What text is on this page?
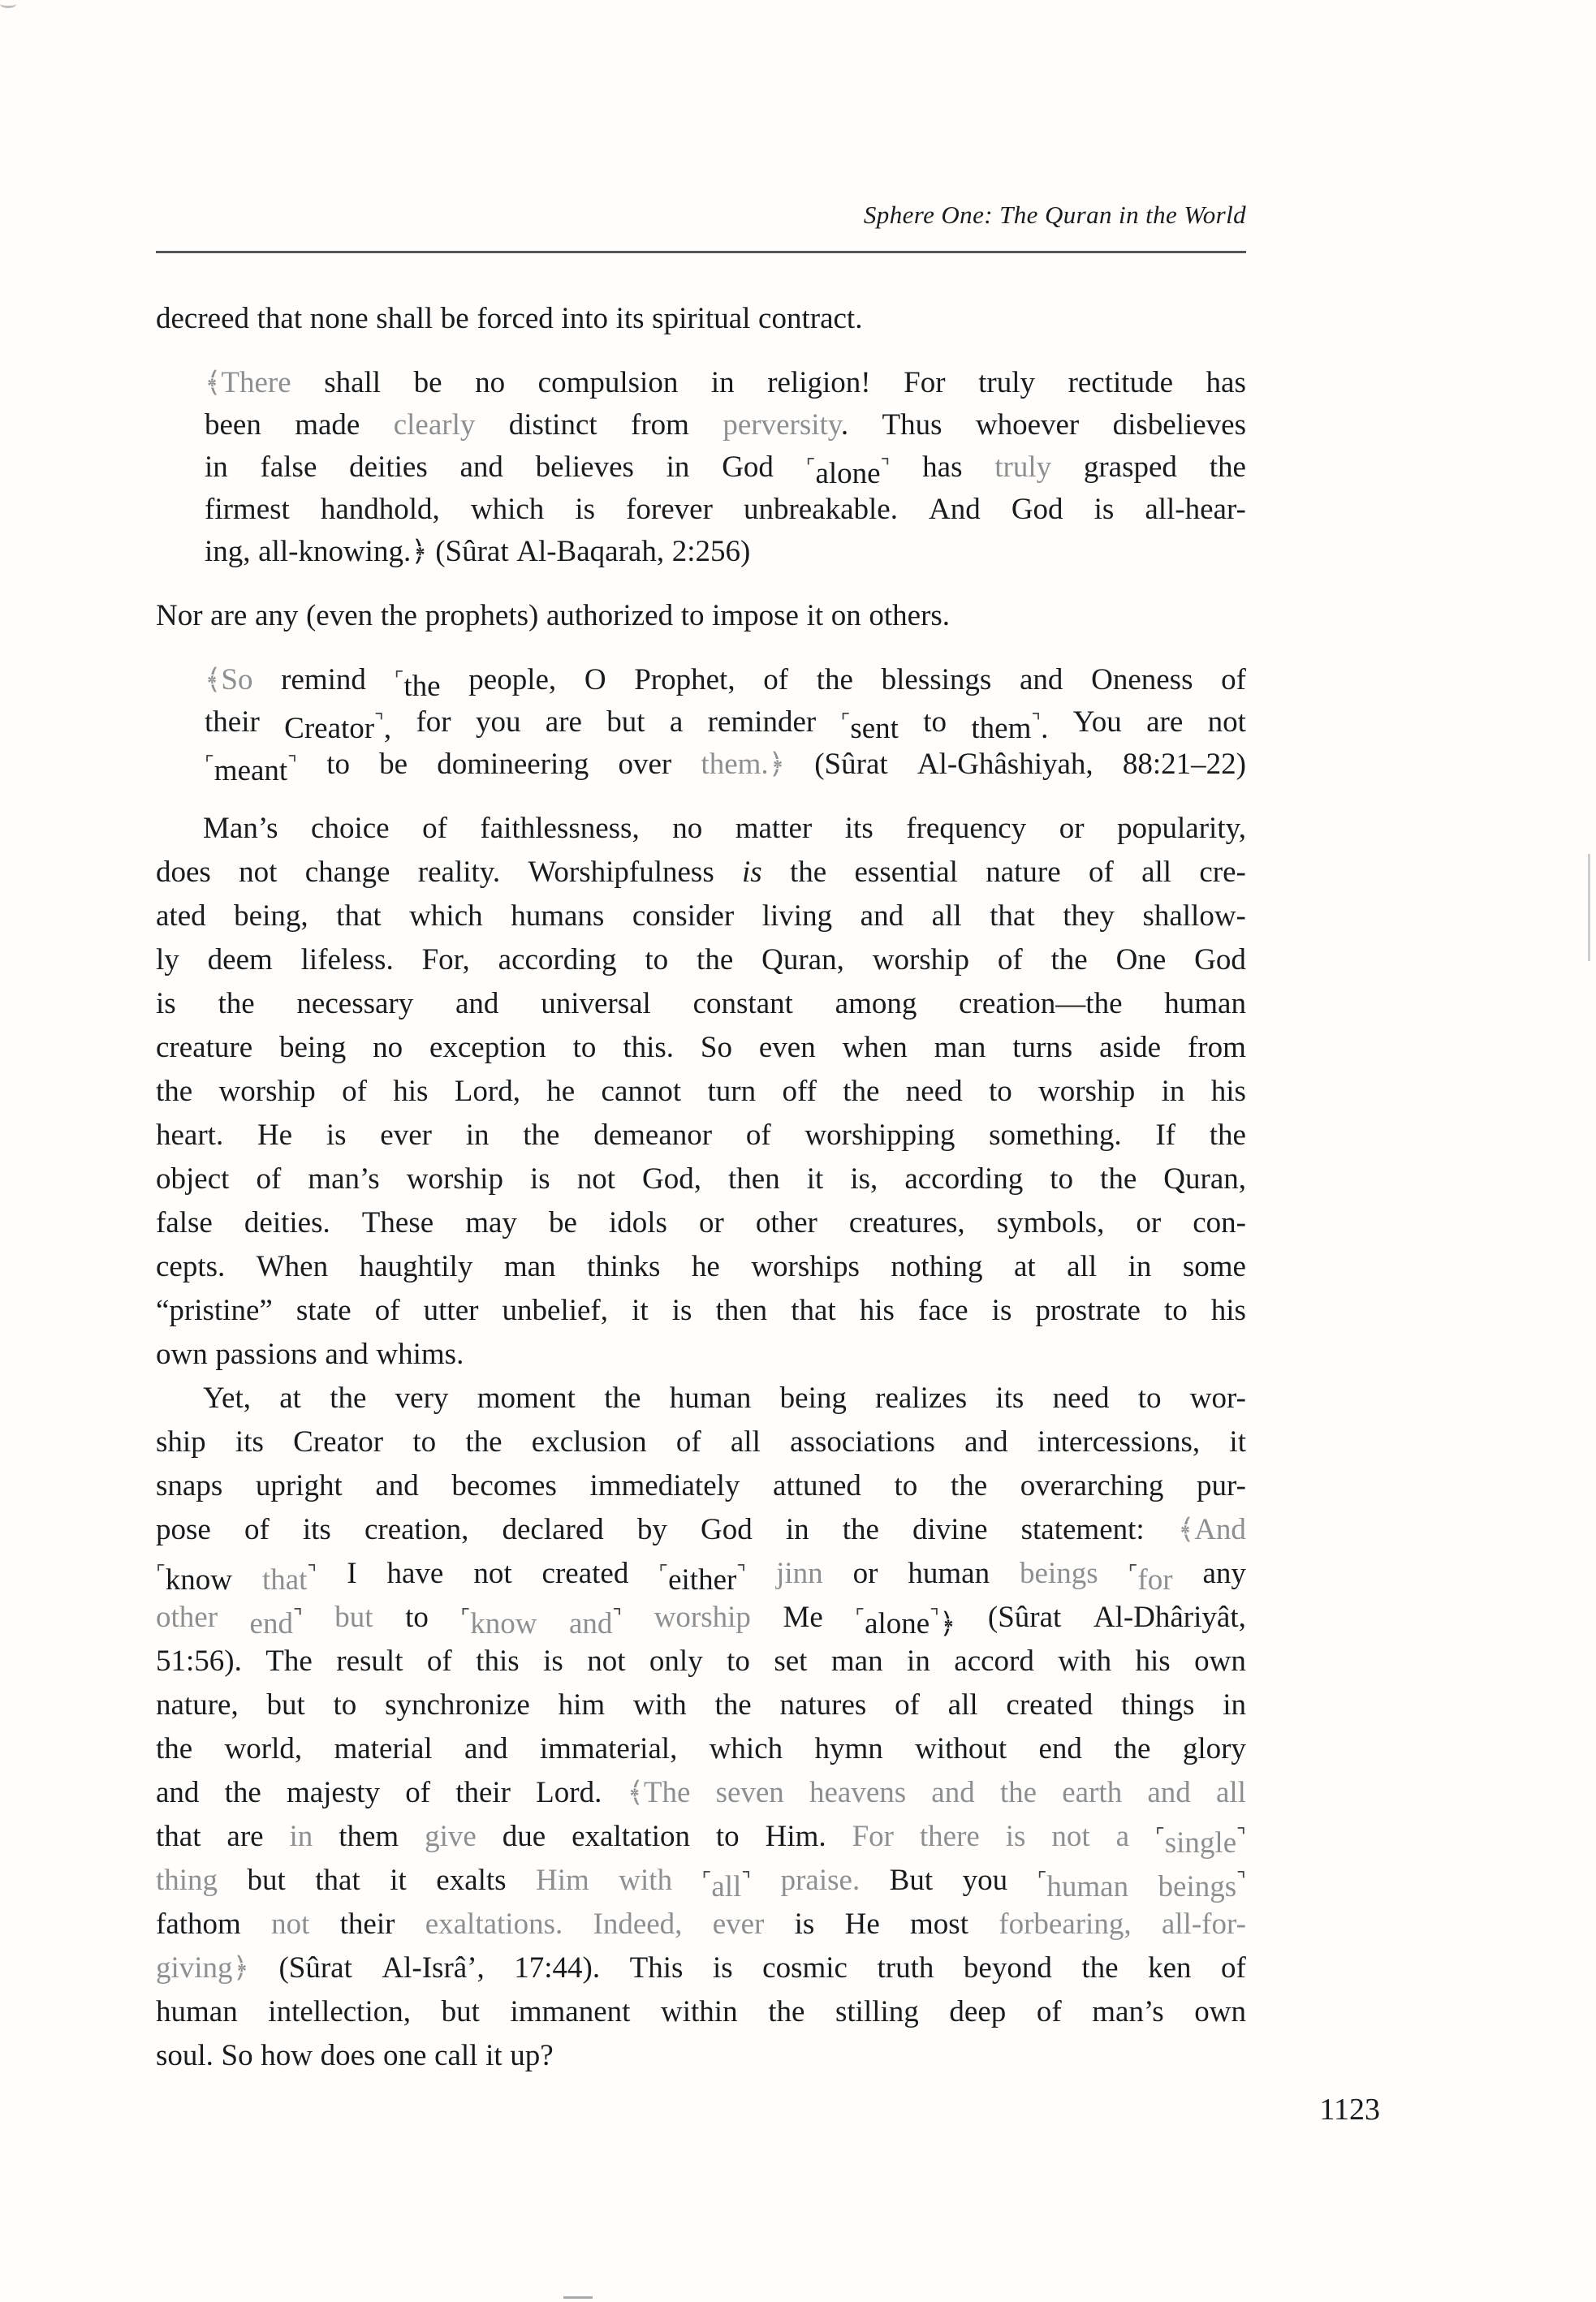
Sphere One: The Quran in the World
decreed that none shall be forced into its spiritual contract.
﴾There shall be no compulsion in religion! For truly rectitude has
been made clearly distinct from perversity. Thus whoever disbelieves
in false deities and believes in God ⌜alone⌝ has truly grasped the
firmest handhold, which is forever unbreakable. And God is all-hear-
ing, all-knowing.﴿ (Sûrat Al-Baqarah, 2:256)
Nor are any (even the prophets) authorized to impose it on others.
﴾So remind ⌜the people, O Prophet, of the blessings and Oneness of
their Creator⌝, for you are but a reminder ⌜sent to them⌝. You are not
⌜meant⌝ to be domineering over them.﴿ (Sûrat Al-Ghâshiyah, 88:21–22)
Man’s choice of faithlessness, no matter its frequency or popularity,
does not change reality. Worshipfulness is the essential nature of all cre-
ated being, that which humans consider living and all that they shallow-
ly deem lifeless. For, according to the Quran, worship of the One God
is the necessary and universal constant among creation—the human
creature being no exception to this. So even when man turns aside from
the worship of his Lord, he cannot turn off the need to worship in his
heart. He is ever in the demeanor of worshipping something. If the
object of man’s worship is not God, then it is, according to the Quran,
false deities. These may be idols or other creatures, symbols, or con-
cepts. When haughtily man thinks he worships nothing at all in some
“pristine” state of utter unbelief, it is then that his face is prostrate to his
own passions and whims.
Yet, at the very moment the human being realizes its need to wor-
ship its Creator to the exclusion of all associations and intercessions, it
snaps upright and becomes immediately attuned to the overarching pur-
pose of its creation, declared by God in the divine statement: ﴾And
⌜know that⌝ I have not created ⌜either⌝ jinn or human beings ⌜for any
other end⌝ but to ⌜know and⌝ worship Me ⌜alone⌝﴿ (Sûrat Al-Dhâriyât,
51:56). The result of this is not only to set man in accord with his own
nature, but to synchronize him with the natures of all created things in
the world, material and immaterial, which hymn without end the glory
and the majesty of their Lord. ﴾The seven heavens and the earth and all
that are in them give due exaltation to Him. For there is not a ⌜single⌝
thing but that it exalts Him with ⌜all⌝ praise. But you ⌜human beings⌝
fathom not their exaltations. Indeed, ever is He most forbearing, all-for-
giving﴿ (Sûrat Al-Isrâ’, 17:44). This is cosmic truth beyond the ken of
human intellection, but immanent within the stilling deep of man’s own
soul. So how does one call it up?
1123
